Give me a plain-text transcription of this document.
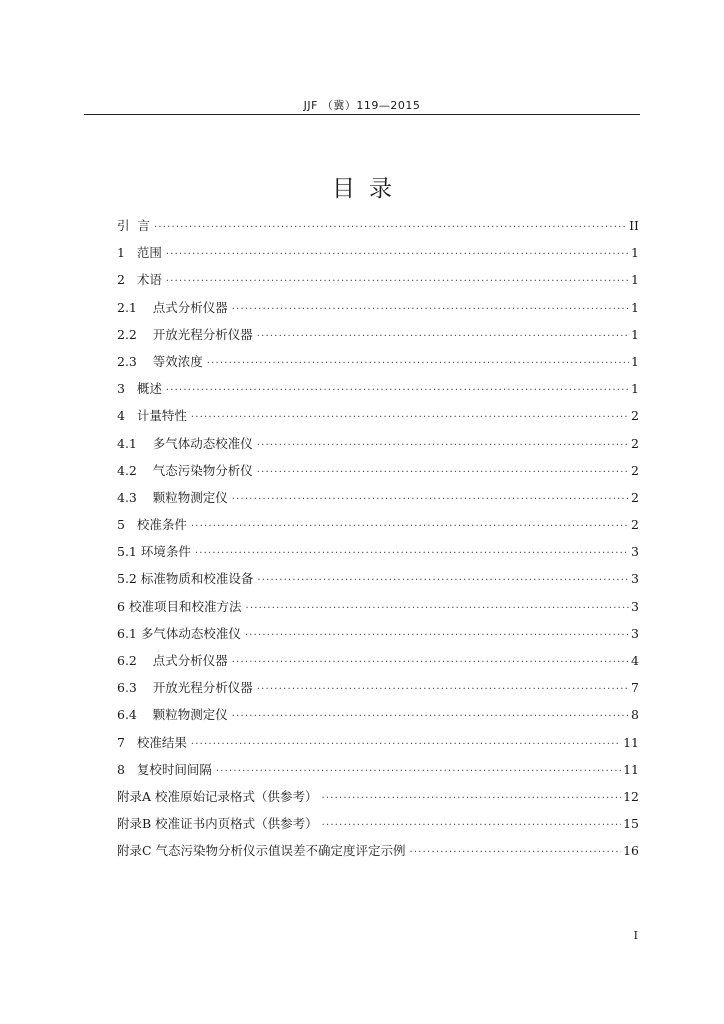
JJF （冀）119—2015
目录
引 言 ·····	II
1 范围 ·····	1
2 术语 ·····	1
2.1 点式分析仪器 ·····	1
2.2 开放光程分析仪器 ·····	1
2.3 等效浓度 ·····	1
3 概述 ·····	1
4 计量特性 ·····	2
4.1 多气体动态校准仪 ·····	2
4.2 气态污染物分析仪 ·····	2
4.3 颗粒物测定仪 ·····	2
5 校准条件 ·····	2
5.1 环境条件 ·····	3
5.2 标准物质和校准设备 ·····	3
6 校准项目和校准方法 ·····	3
6.1 多气体动态校准仪 ·····	3
6.2 点式分析仪器 ·····	4
6.3 开放光程分析仪器 ·····	7
6.4 颗粒物测定仪 ·····	8
7 校准结果 ·····	11
8 复校时间间隔 ·····	11
附录A 校准原始记录格式（供参考） ·····	12
附录B 校准证书内页格式（供参考） ·····	15
附录C 气态污染物分析仪示值误差不确定度评定示例 ·····	16
I
